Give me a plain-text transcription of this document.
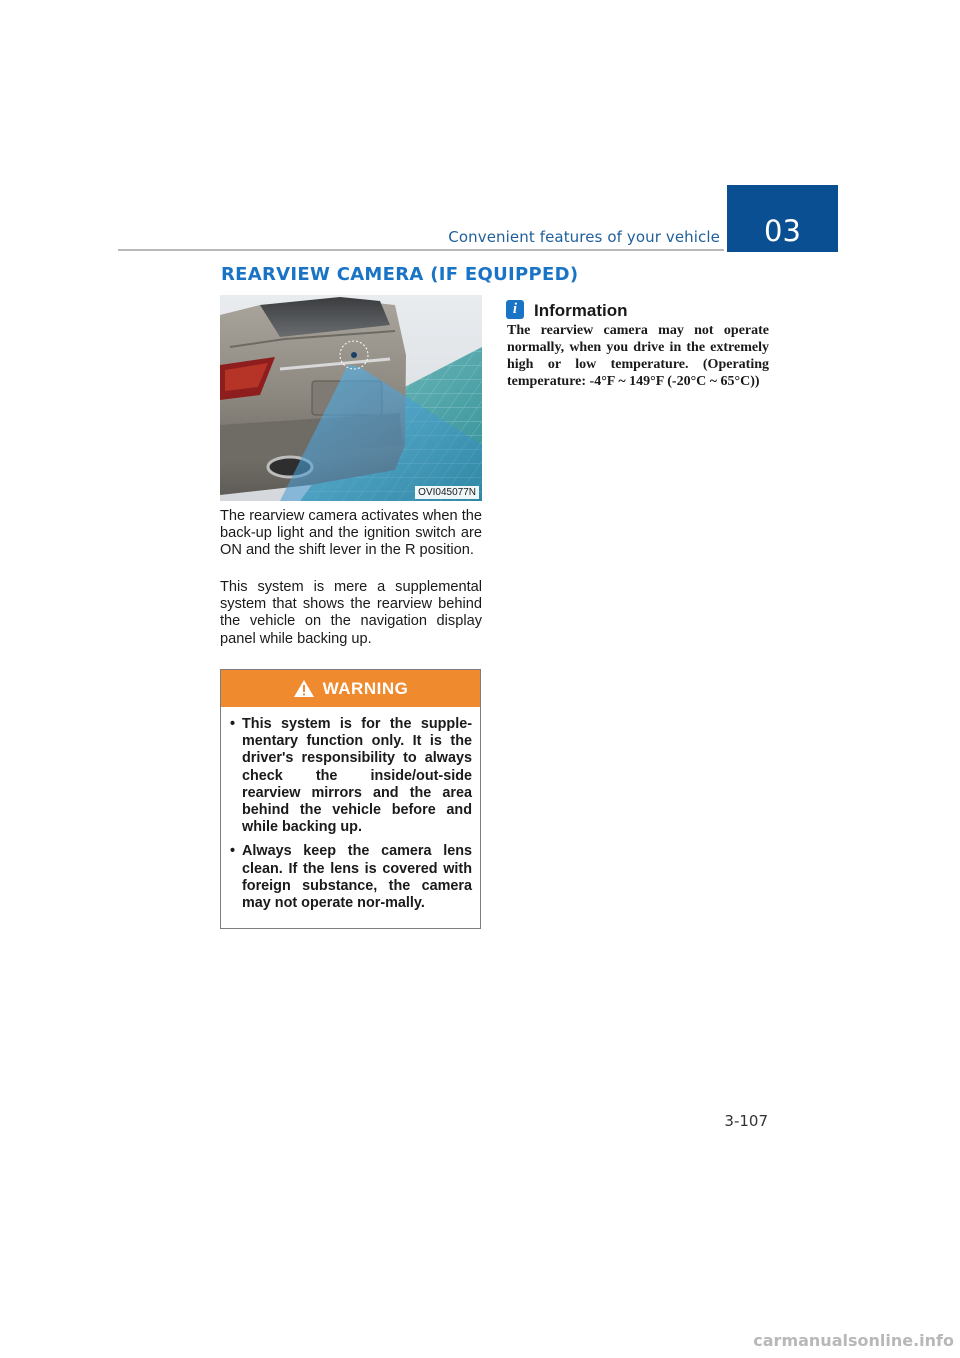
Convenient features of your vehicle 03
REARVIEW CAMERA (IF EQUIPPED)
OVI045077N

The rearview camera activates when the back-up light and the ignition switch are ON and the shift lever in the R position.

This system is mere a supplemental system that shows the rearview behind the vehicle on the navigation display panel while backing up.

WARNING
• This system is for the supple-mentary function only. It is the driver's responsibility to always check the inside/out-side rearview mirrors and the area behind the vehicle before and while backing up.
• Always keep the camera lens clean. If the lens is covered with foreign substance, the camera may not operate nor-mally.
i Information

The rearview camera may not operate normally, when you drive in the extremely high or low temperature. (Operating temperature: -4°F ~ 149°F (-20°C ~ 65°C))

3-107
carmanualsonline.info
